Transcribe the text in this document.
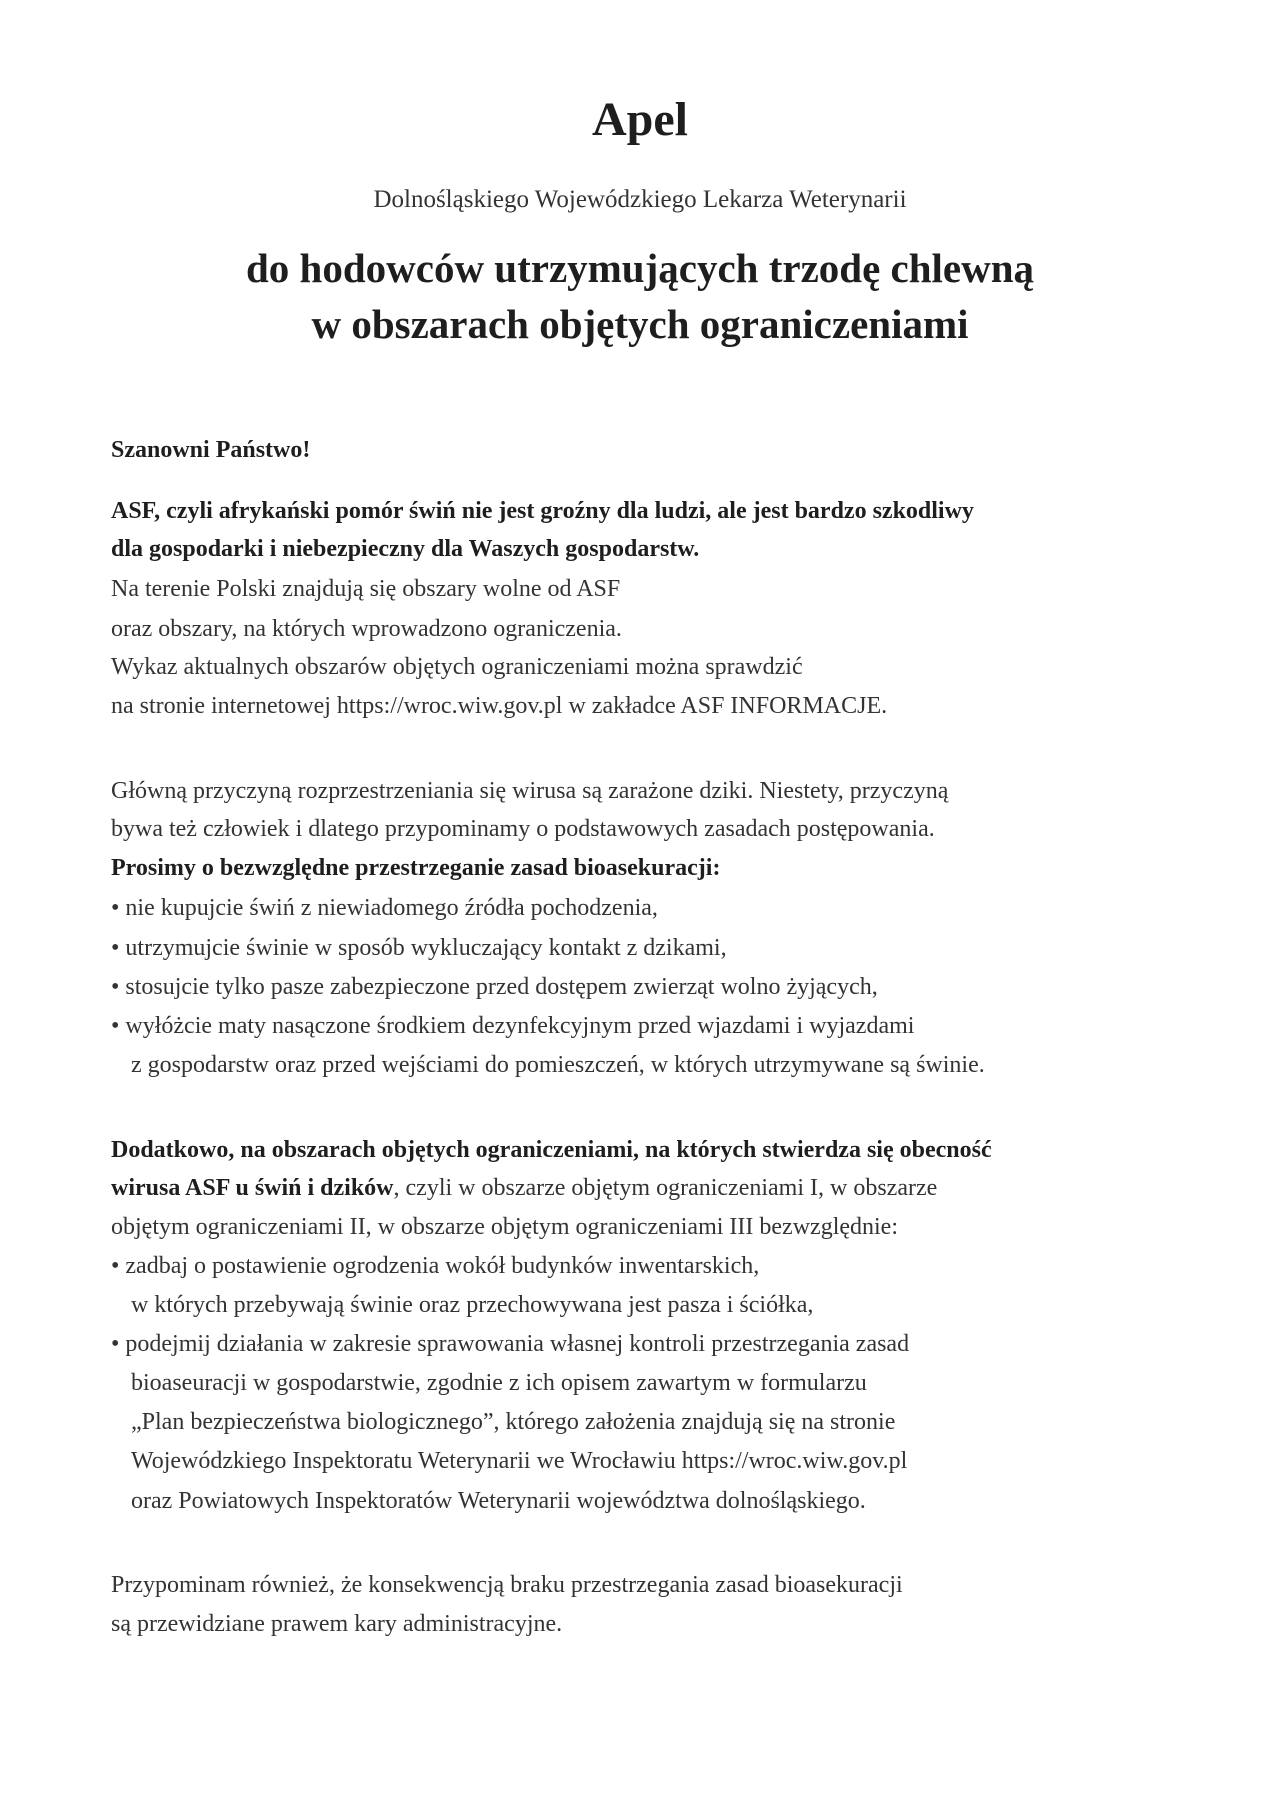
Apel

Dolnośląskiego Wojewódzkiego Lekarza Weterynarii

do hodowców utrzymujących trzodę chlewną
w obszarach objętych ograniczeniami

Szanowni Państwo!

ASF, czyli afrykański pomór świń nie jest groźny dla ludzi, ale jest bardzo szkodliwy

dla gospodarki i niebezpieczny dla Waszych gospodarstw.

Na terenie Polski znajdują się obszary wolne od ASF

oraz obszary, na których wprowadzono ograniczenia.

Wykaz aktualnych obszarów objętych ograniczeniami można sprawdzić

na stronie internetowej https://wroc.wiw.gov.pl w zakładce ASF INFORMACJE.

Główną przyczyną rozprzestrzeniania się wirusa są zarażone dziki. Niestety, przyczyną

bywa też człowiek i dlatego przypominamy o podstawowych zasadach postępowania.

Prosimy o bezwzględne przestrzeganie zasad bioasekuracji:

• nie kupujcie świń z niewiadomego źródła pochodzenia,

• utrzymujcie świnie w sposób wykluczający kontakt z dzikami,

• stosujcie tylko pasze zabezpieczone przed dostępem zwierząt wolno żyjących,

• wyłóżcie maty nasączone środkiem dezynfekcyjnym przed wjazdami i wyjazdami

z gospodarstw oraz przed wejściami do pomieszczeń, w których utrzymywane są świnie.

Dodatkowo, na obszarach objętych ograniczeniami, na których stwierdza się obecność

wirusa ASF u świń i dzików, czyli w obszarze objętym ograniczeniami I, w obszarze

objętym ograniczeniami II, w obszarze objętym ograniczeniami III bezwzględnie:

• zadbaj o postawienie ogrodzenia wokół budynków inwentarskich,

w których przebywają świnie oraz przechowywana jest pasza i ściółka,

• podejmij działania w zakresie sprawowania własnej kontroli przestrzegania zasad

bioaseuracji w gospodarstwie, zgodnie z ich opisem zawartym w formularzu

„Plan bezpieczeństwa biologicznego”, którego założenia znajdują się na stronie

Wojewódzkiego Inspektoratu Weterynarii we Wrocławiu https://wroc.wiw.gov.pl

oraz Powiatowych Inspektoratów Weterynarii województwa dolnośląskiego.

Przypominam również, że konsekwencją braku przestrzegania zasad bioasekuracji

są przewidziane prawem kary administracyjne.
